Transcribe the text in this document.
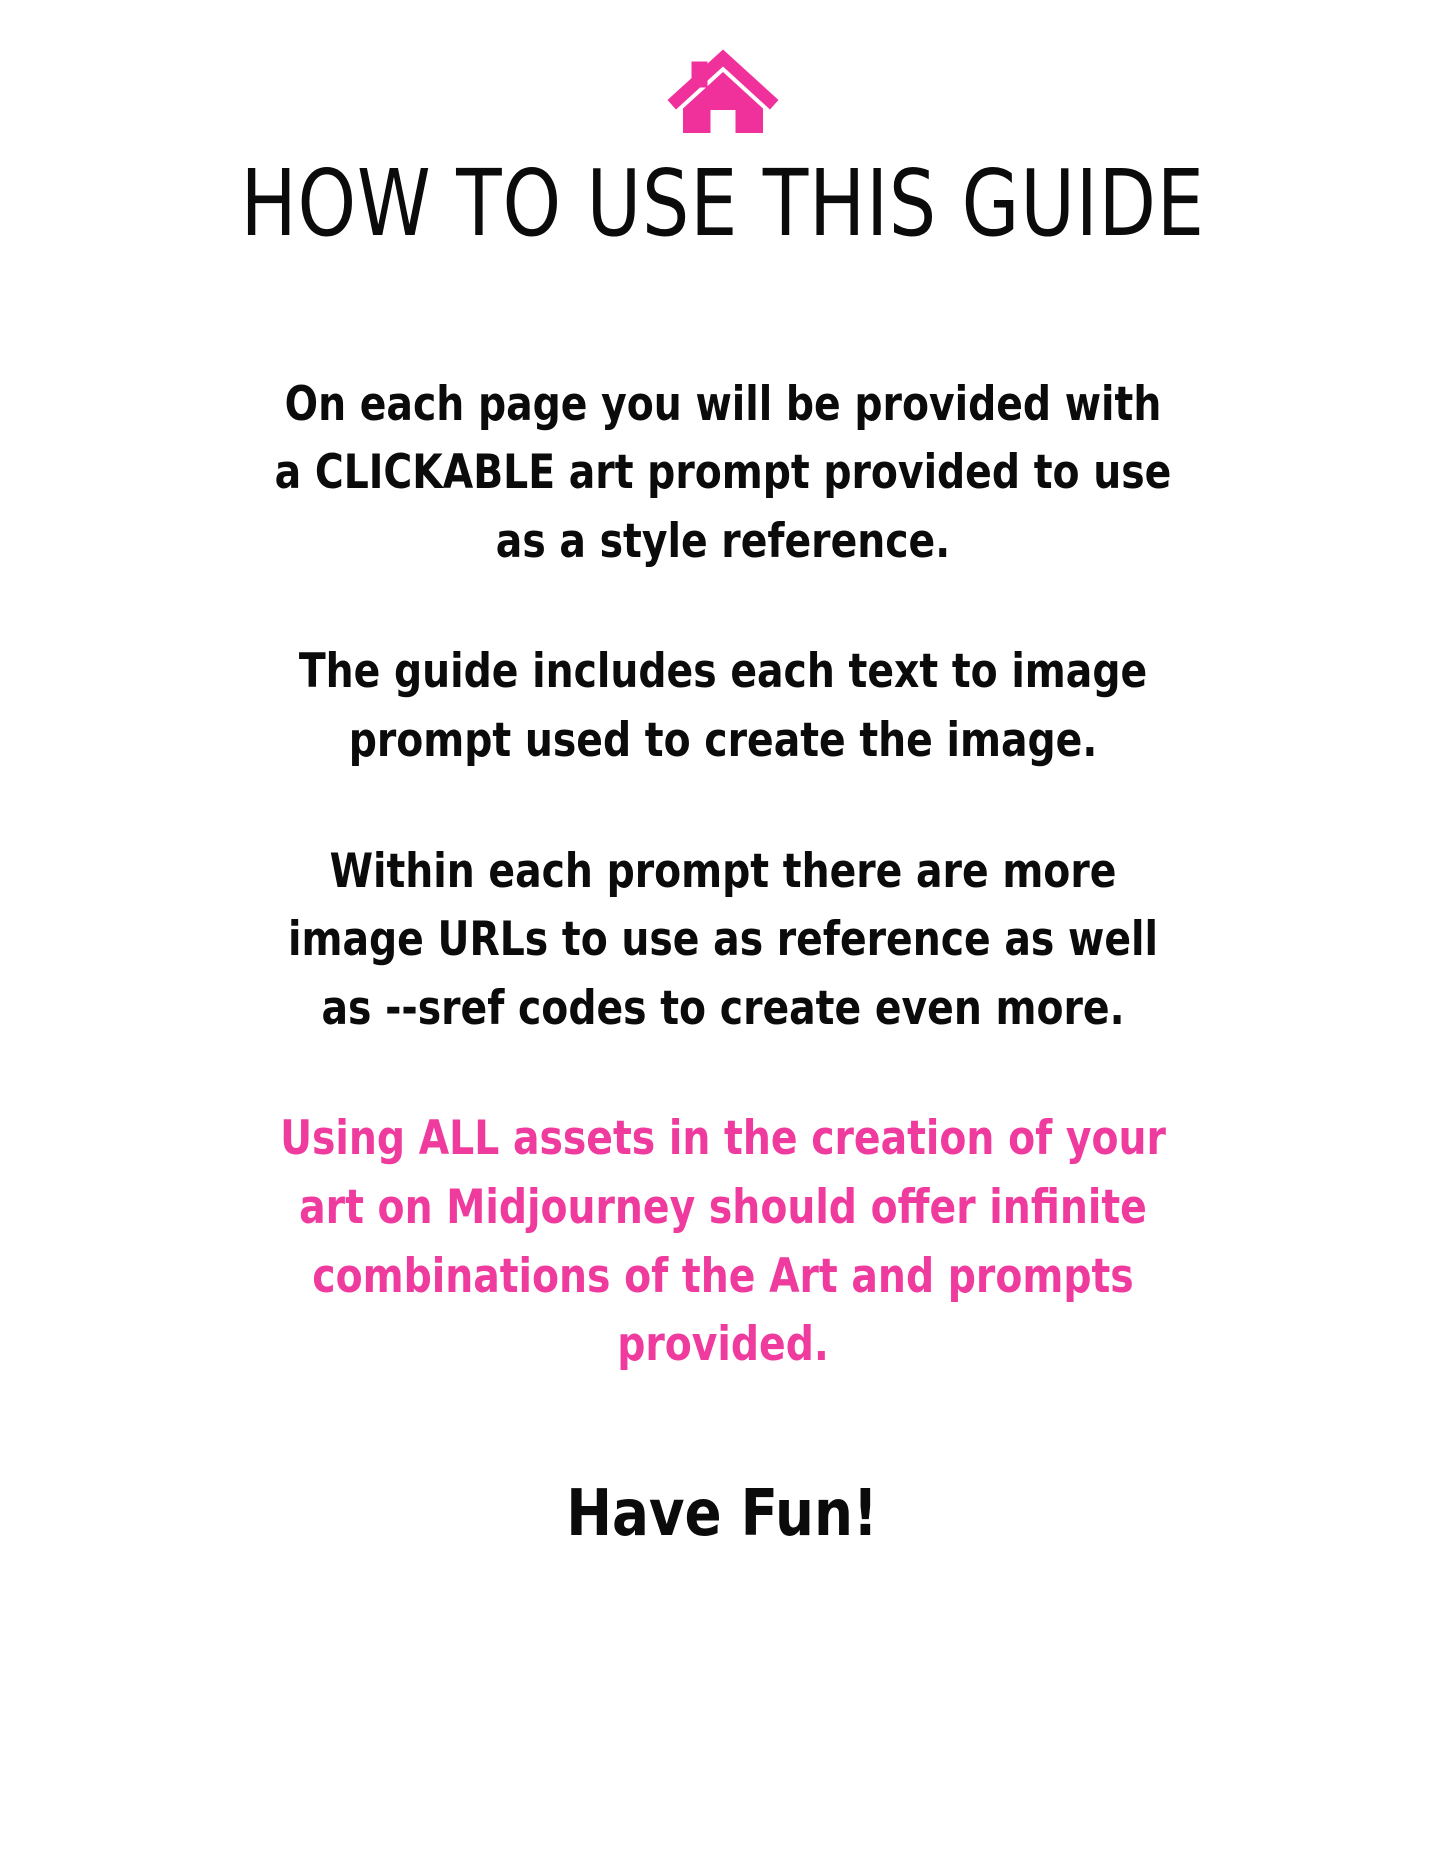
HOW TO USE THIS GUIDE

On each page you will be provided with a CLICKABLE art prompt provided to use as a style reference.

The guide includes each text to image prompt used to create the image.

Within each prompt there are more image URLs to use as reference as well as --sref codes to create even more.

Using ALL assets in the creation of your art on Midjourney should offer infinite combinations of the Art and prompts provided.

Have Fun!
